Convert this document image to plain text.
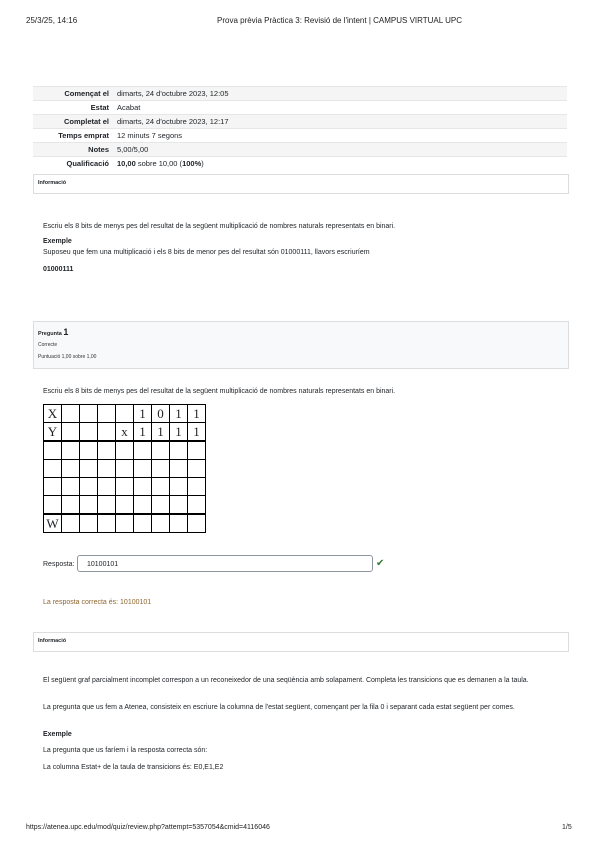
25/3/25, 14:16	Prova prèvia Pràctica 3: Revisió de l'intent | CAMPUS VIRTUAL UPC
Començat el	dimarts, 24 d'octubre 2023, 12:05
Estat	Acabat
Completat el	dimarts, 24 d'octubre 2023, 12:17
Temps emprat	12 minuts 7 segons
Notes	5,00/5,00
Qualificació	10,00 sobre 10,00 (100%)
Informació
Escriu els 8 bits de menys pes del resultat de la següent multiplicació de nombres naturals representats en binari.
Exemple
Suposeu que fem una multiplicació i els 8 bits de menor pes del resultat són 01000111, llavors escriuríem
01000111
Pregunta 1
Correcte
Puntuació 1,00 sobre 1,00
Escriu els 8 bits de menys pes del resultat de la següent multiplicació de nombres naturals representats en binari.
X					1	0	1	1
Y				x	1	1	1	1

W								
Resposta:	10100101	✔
La resposta correcta és: 10100101
Informació
El següent graf parcialment incomplet correspon a un reconeixedor de una seqüència amb solapament. Completa les transicions que es demanen a la taula.
La pregunta que us fem a Atenea, consisteix en escriure la columna de l'estat següent, començant per la fila 0 i separant cada estat següent per comes.
Exemple
La pregunta que us faríem i la resposta correcta són:
La columna Estat+ de la taula de transicions és: E0,E1,E2
https://atenea.upc.edu/mod/quiz/review.php?attempt=5357054&cmid=4116046	1/5
